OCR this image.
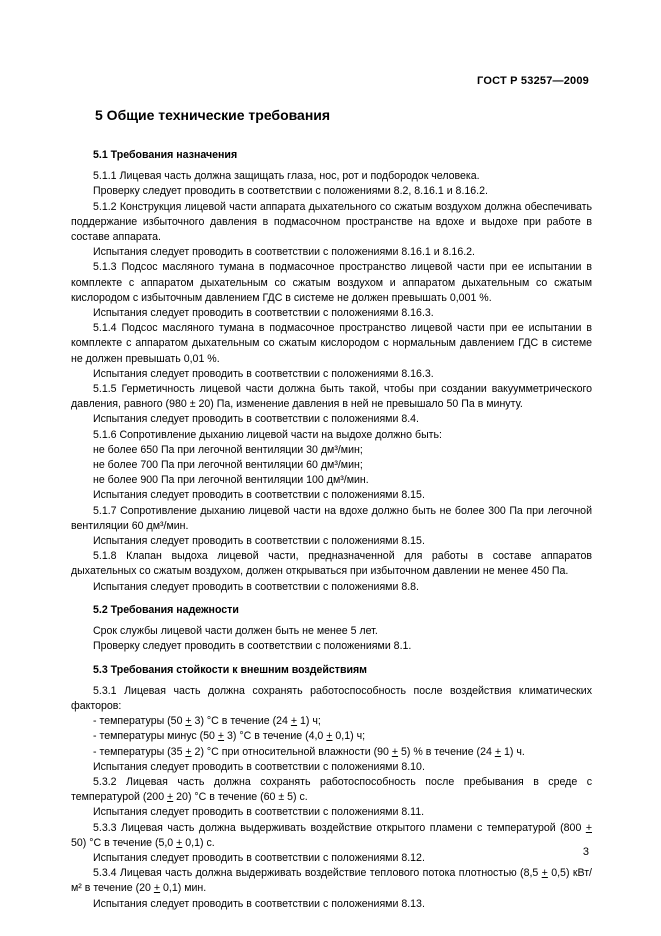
ГОСТ Р 53257—2009
5 Общие технические требования
5.1 Требования назначения
5.1.1 Лицевая часть должна защищать глаза, нос, рот и подбородок человека.
Проверку следует проводить в соответствии с положениями 8.2, 8.16.1 и 8.16.2.
5.1.2 Конструкция лицевой части аппарата дыхательного со сжатым воздухом должна обеспечивать поддержание избыточного давления в подмасочном пространстве на вдохе и выдохе при работе в составе аппарата.
Испытания следует проводить в соответствии с положениями 8.16.1 и 8.16.2.
5.1.3 Подсос масляного тумана в подмасочное пространство лицевой части при ее испытании в комплекте с аппаратом дыхательным со сжатым воздухом и аппаратом дыхательным со сжатым кислородом с избыточным давлением ГДС в системе не должен превышать 0,001 %.
Испытания следует проводить в соответствии с положениями 8.16.3.
5.1.4 Подсос масляного тумана в подмасочное пространство лицевой части при ее испытании в комплекте с аппаратом дыхательным со сжатым кислородом с нормальным давлением ГДС в системе не должен превышать 0,01 %.
Испытания следует проводить в соответствии с положениями 8.16.3.
5.1.5 Герметичность лицевой части должна быть такой, чтобы при создании вакуумметрического давления, равного (980 ± 20) Па, изменение давления в ней не превышало 50 Па в минуту.
Испытания следует проводить в соответствии с положениями 8.4.
5.1.6 Сопротивление дыханию лицевой части на выдохе должно быть:
не более 650 Па при легочной вентиляции 30 дм³/мин;
не более 700 Па при легочной вентиляции 60 дм³/мин;
не более 900 Па при легочной вентиляции 100 дм³/мин.
Испытания следует проводить в соответствии с положениями 8.15.
5.1.7 Сопротивление дыханию лицевой части на вдохе должно быть не более 300 Па при легочной вентиляции 60 дм³/мин.
Испытания следует проводить в соответствии с положениями 8.15.
5.1.8 Клапан выдоха лицевой части, предназначенной для работы в составе аппаратов дыхательных со сжатым воздухом, должен открываться при избыточном давлении не менее 450 Па.
Испытания следует проводить в соответствии с положениями 8.8.
5.2 Требования надежности
Срок службы лицевой части должен быть не менее 5 лет.
Проверку следует проводить в соответствии с положениями 8.1.
5.3 Требования стойкости к внешним воздействиям
5.3.1 Лицевая часть должна сохранять работоспособность после воздействия климатических факторов:
- температуры (50 + 3) °С в течение (24 + 1) ч;
- температуры минус (50 + 3) °С в течение (4,0 + 0,1) ч;
- температуры (35 + 2) °С при относительной влажности (90 + 5) % в течение (24 + 1) ч.
Испытания следует проводить в соответствии с положениями 8.10.
5.3.2 Лицевая часть должна сохранять работоспособность после пребывания в среде с температурой (200 + 20) °С в течение (60 ± 5) с.
Испытания следует проводить в соответствии с положениями 8.11.
5.3.3 Лицевая часть должна выдерживать воздействие открытого пламени с температурой (800 + 50) °С в течение (5,0 + 0,1) с.
Испытания следует проводить в соответствии с положениями 8.12.
5.3.4 Лицевая часть должна выдерживать воздействие теплового потока плотностью (8,5 + 0,5) кВт/м² в течение (20 + 0,1) мин.
Испытания следует проводить в соответствии с положениями 8.13.
3
